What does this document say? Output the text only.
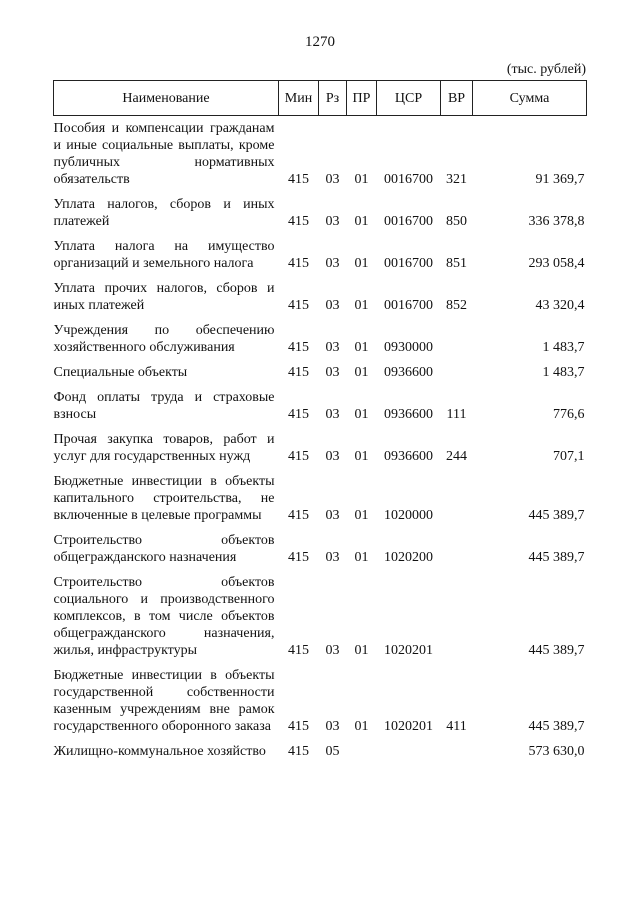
1270
(тыс. рублей)
Наименование	Мин	Рз	ПР	ЦСР	ВР	Сумма
Пособия и компенсации гражданам и иные социальные выплаты, кроме публичных нормативных обязательств	415	03	01	0016700	321	91 369,7
Уплата налогов, сборов и иных платежей	415	03	01	0016700	850	336 378,8
Уплата налога на имущество организаций и земельного налога	415	03	01	0016700	851	293 058,4
Уплата прочих налогов, сборов и иных платежей	415	03	01	0016700	852	43 320,4
Учреждения по обеспечению хозяйственного обслуживания	415	03	01	0930000		1 483,7
Специальные объекты	415	03	01	0936600		1 483,7
Фонд оплаты труда и страховые взносы	415	03	01	0936600	111	776,6
Прочая закупка товаров, работ и услуг для государственных нужд	415	03	01	0936600	244	707,1
Бюджетные инвестиции в объекты капитального строительства, не включенные в целевые программы	415	03	01	1020000		445 389,7
Строительство объектов общегражданского назначения	415	03	01	1020200		445 389,7
Строительство объектов социального и производственного комплексов, в том числе объектов общегражданского назначения, жилья, инфраструктуры	415	03	01	1020201		445 389,7
Бюджетные инвестиции в объекты государственной собственности казенным учреждениям вне рамок государственного оборонного заказа	415	03	01	1020201	411	445 389,7
Жилищно-коммунальное хозяйство	415	05				573 630,0
